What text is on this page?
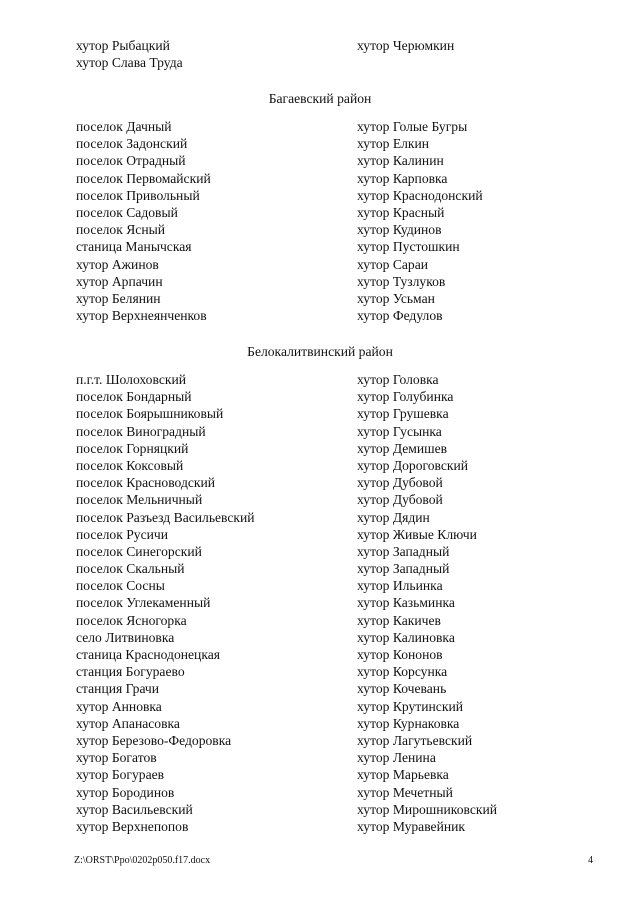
хутор Рыбацкий
хутор Слава Труда
хутор Черюмкин
Багаевский район
поселок Дачный
поселок Задонский
поселок Отрадный
поселок Первомайский
поселок Привольный
поселок Садовый
поселок Ясный
станица Манычская
хутор Ажинов
хутор Арпачин
хутор Белянин
хутор Верхнеянченков
хутор Голые Бугры
хутор Елкин
хутор Калинин
хутор Карповка
хутор Краснодонский
хутор Красный
хутор Кудинов
хутор Пустошкин
хутор Сараи
хутор Тузлуков
хутор Усьман
хутор Федулов
Белокалитвинский район
п.г.т. Шолоховский
поселок Бондарный
поселок Боярышниковый
поселок Виноградный
поселок Горняцкий
поселок Коксовый
поселок Красноводский
поселок Мельничный
поселок Разъезд Васильевский
поселок Русичи
поселок Синегорский
поселок Скальный
поселок Сосны
поселок Углекаменный
поселок Ясногорка
село Литвиновка
станица Краснодонецкая
станция Богураево
станция Грачи
хутор Анновка
хутор Апанасовка
хутор Березово-Федоровка
хутор Богатов
хутор Богураев
хутор Бородинов
хутор Васильевский
хутор Верхнепопов
хутор Головка
хутор Голубинка
хутор Грушевка
хутор Гусынка
хутор Демишев
хутор Дороговский
хутор Дубовой
хутор Дубовой
хутор Дядин
хутор Живые Ключи
хутор Западный
хутор Западный
хутор Ильинка
хутор Казьминка
хутор Какичев
хутор Калиновка
хутор Кононов
хутор Корсунка
хутор Кочевань
хутор Крутинский
хутор Курнаковка
хутор Лагутьевский
хутор Ленина
хутор Марьевка
хутор Мечетный
хутор Мирошниковский
хутор Муравейник
Z:\ORST\Ppo\0202p050.f17.docx	4
